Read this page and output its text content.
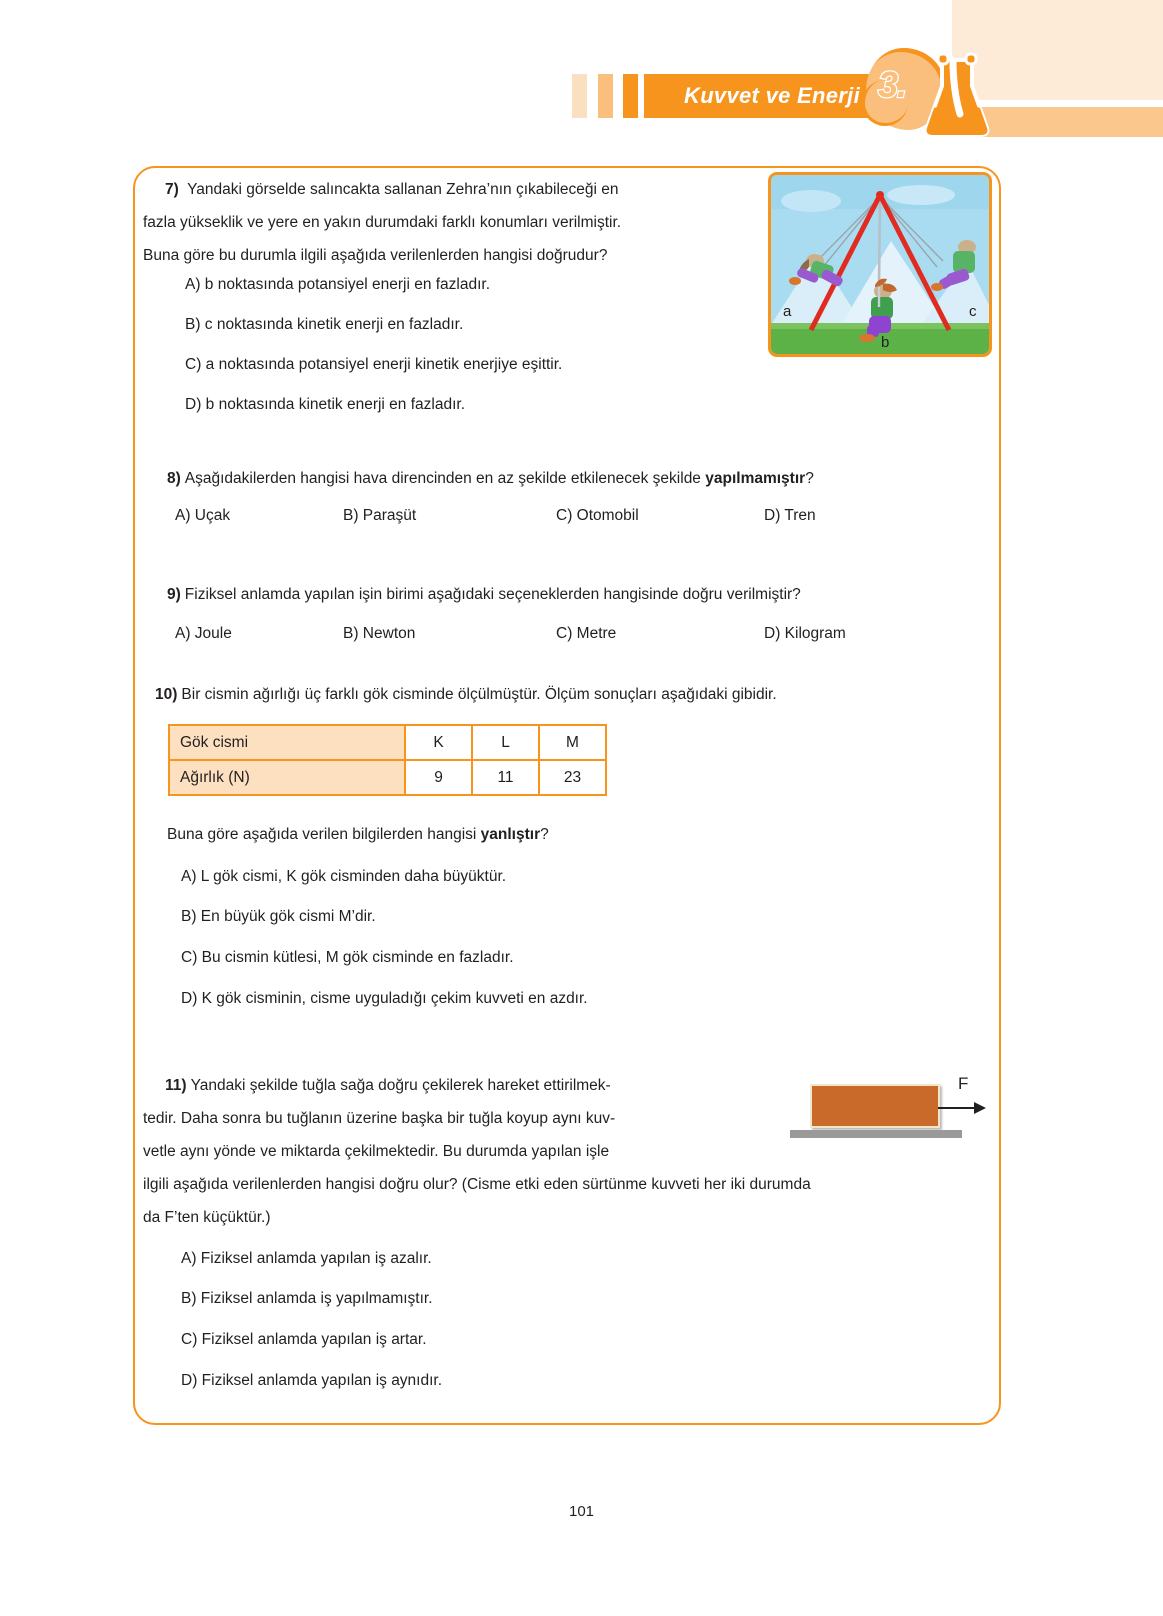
Kuvvet ve Enerji 3.
7) Yandaki görselde salıncakta sallanan Zehra’nın çıkabileceği en
fazla yükseklik ve yere en yakın durumdaki farklı konumları verilmiştir.
Buna göre bu durumla ilgili aşağıda verilenlerden hangisi doğrudur?
A) b noktasında potansiyel enerji en fazladır.
B) c noktasında kinetik enerji en fazladır.
C) a noktasında potansiyel enerji kinetik enerjiye eşittir.
D) b noktasında kinetik enerji en fazladır.
8) Aşağıdakilerden hangisi hava direncinden en az şekilde etkilenecek şekilde yapılmamıştır?
A) Uçak	B) Paraşüt	C) Otomobil	D) Tren
9) Fiziksel anlamda yapılan işin birimi aşağıdaki seçeneklerden hangisinde doğru verilmiştir?
A) Joule	B) Newton	C) Metre	D) Kilogram
10) Bir cismin ağırlığı üç farklı gök cisminde ölçülmüştür. Ölçüm sonuçları aşağıdaki gibidir.
Buna göre aşağıda verilen bilgilerden hangisi yanlıştır?
A) L gök cismi, K gök cisminden daha büyüktür.
B) En büyük gök cismi M’dir.
C) Bu cismin kütlesi, M gök cisminde en fazladır.
D) K gök cisminin, cisme uyguladığı çekim kuvveti en azdır.
11) Yandaki şekilde tuğla sağa doğru çekilerek hareket ettirilmek-
tedir. Daha sonra bu tuğlanın üzerine başka bir tuğla koyup aynı kuv-
vetle aynı yönde ve miktarda çekilmektedir. Bu durumda yapılan işle
ilgili aşağıda verilenlerden hangisi doğru olur? (Cisme etki eden sürtünme kuvveti her iki durumda
da F’ten küçüktür.)
A) Fiziksel anlamda yapılan iş azalır.
B) Fiziksel anlamda iş yapılmamıştır.
C) Fiziksel anlamda yapılan iş artar.
D) Fiziksel anlamda yapılan iş aynıdır.
Gök cismi	K	L	M
Ağırlık (N)	9	11	23
a
b
c
F
101
